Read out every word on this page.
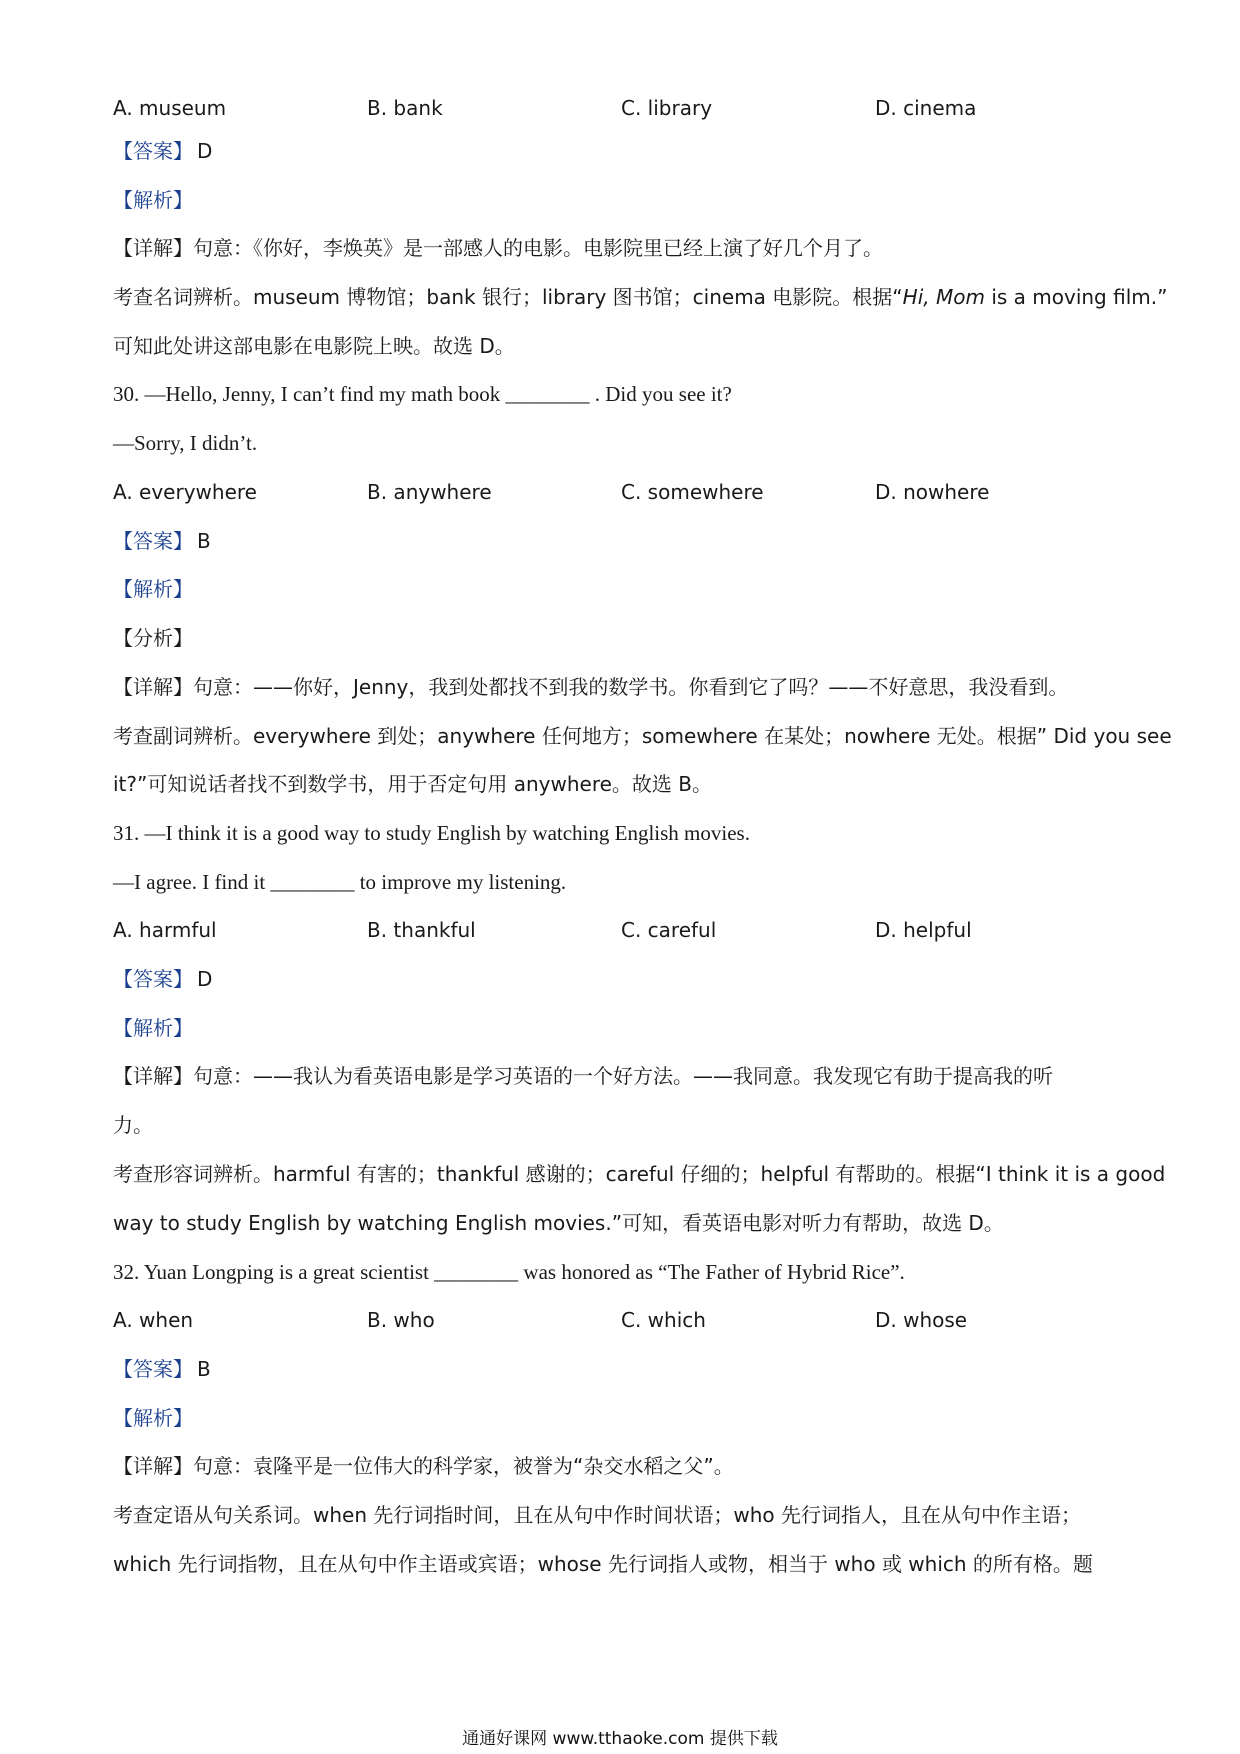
A. museum	B. bank	C. library	D. cinema
【答案】 D
【解析】
【详解】句意：《你好，李焕英》是一部感人的电影。电影院里已经上演了好几个月了。
考查名词辨析。museum 博物馆；bank 银行；library 图书馆；cinema 电影院。根据“Hi, Mom is a moving film.”
可知此处讲这部电影在电影院上映。故选 D。
30. —Hello, Jenny, I can’t find my math book ________ . Did you see it?
—Sorry, I didn’t.
A. everywhere	B. anywhere	C. somewhere	D. nowhere
【答案】 B
【解析】
【分析】
【详解】句意：——你好，Jenny，我到处都找不到我的数学书。你看到它了吗？——不好意思，我没看到。
考查副词辨析。everywhere 到处；anywhere 任何地方；somewhere 在某处；nowhere 无处。根据” Did you see
it?”可知说话者找不到数学书，用于否定句用 anywhere。故选 B。
31. —I think it is a good way to study English by watching English movies.
—I agree. I find it ________ to improve my listening.
A. harmful	B. thankful	C. careful	D. helpful
【答案】 D
【解析】
【详解】句意：——我认为看英语电影是学习英语的一个好方法。——我同意。我发现它有助于提高我的听
力。
考查形容词辨析。harmful 有害的；thankful 感谢的；careful 仔细的；helpful 有帮助的。根据“I think it is a good
way to study English by watching English movies.”可知，看英语电影对听力有帮助，故选 D。
32. Yuan Longping is a great scientist ________ was honored as “The Father of Hybrid Rice”.
A. when	B. who	C. which	D. whose
【答案】 B
【解析】
【详解】句意：袁隆平是一位伟大的科学家，被誉为“杂交水稻之父”。
考查定语从句关系词。when 先行词指时间，且在从句中作时间状语；who 先行词指人，且在从句中作主语；
which 先行词指物，且在从句中作主语或宾语；whose 先行词指人或物，相当于 who 或 which 的所有格。题
通通好课网 www.tthaoke.com 提供下载
